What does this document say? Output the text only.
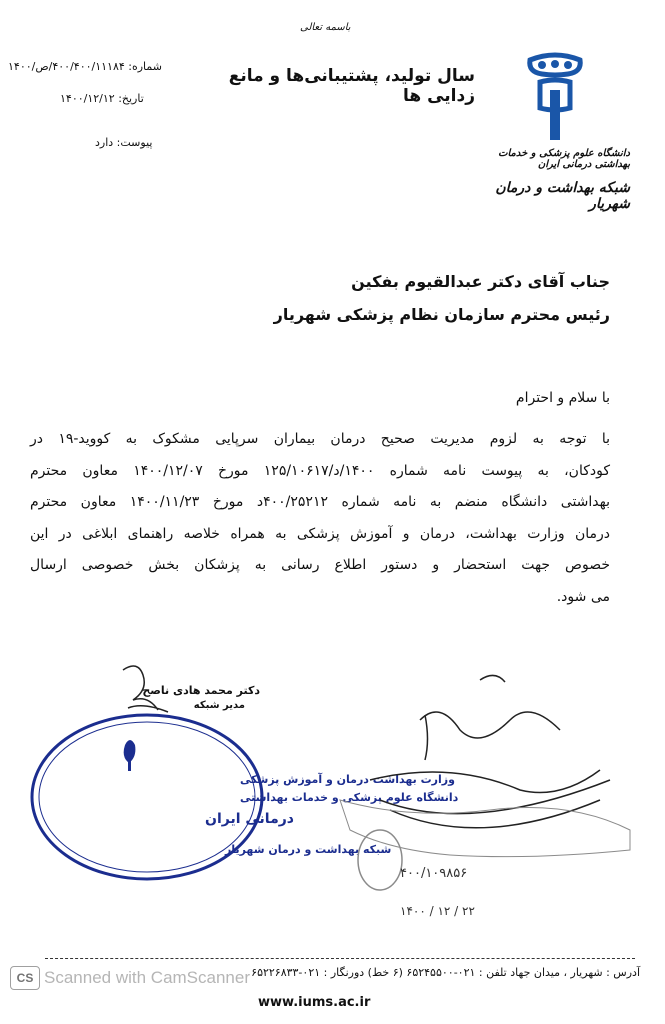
باسمه تعالی
سال تولید، پشتیبانی‌ها و مانع زدایی ها
شماره: ۴۰۰/۴۰۰/۱۱۱۸۴/ص/۱۴۰۰
تاریخ: ۱۴۰۰/۱۲/۱۲
پیوست: دارد
دانشگاه علوم پزشکی و خدمات بهداشتی درمانی ایران
شبکه بهداشت و درمان شهریار
جناب آقای دکتر عبدالقیوم بفکین
رئیس محترم سازمان نظام پزشکی شهریار
با سلام و احترام
با توجه به لزوم مدیریت صحیح درمان بیماران سرپایی مشکوک به کووید-۱۹ در
کودکان، به پیوست نامه شماره ۱۴۰۰/د/۱۲۵/۱۰۶۱۷ مورخ ۱۴۰۰/۱۲/۰۷ معاون محترم
بهداشتی دانشگاه منضم به نامه شماره ۴۰۰/۲۵۲۱۲د مورخ ۱۴۰۰/۱۱/۲۳ معاون محترم
درمان وزارت بهداشت، درمان و آموزش پزشکی به همراه خلاصه راهنمای ابلاغی در این
خصوص جهت استحضار و دستور اطلاع رسانی به پزشکان بخش خصوصی ارسال
می شود.
دکتر محمد هادی ناصح
مدیر شبکه
وزارت بهداشت درمان و آموزش پزشکی
دانشگاه علوم پزشکی و خدمات بهداشتی
درمانی ایران
شبکه بهداشت و درمان شهریار
۴۰۰/۱۰۹۸۵۶
۱۴۰۰ / ۱۲ / ۲۲
آدرس : شهریار ، میدان جهاد تلفن : ۰۲۱-۶۵۲۴۵۵۰۰ (۶ خط) دورنگار : ۰۲۱-۶۵۲۲۶۸۳۳
www.iums.ac.ir
Scanned with CamScanner
CS
